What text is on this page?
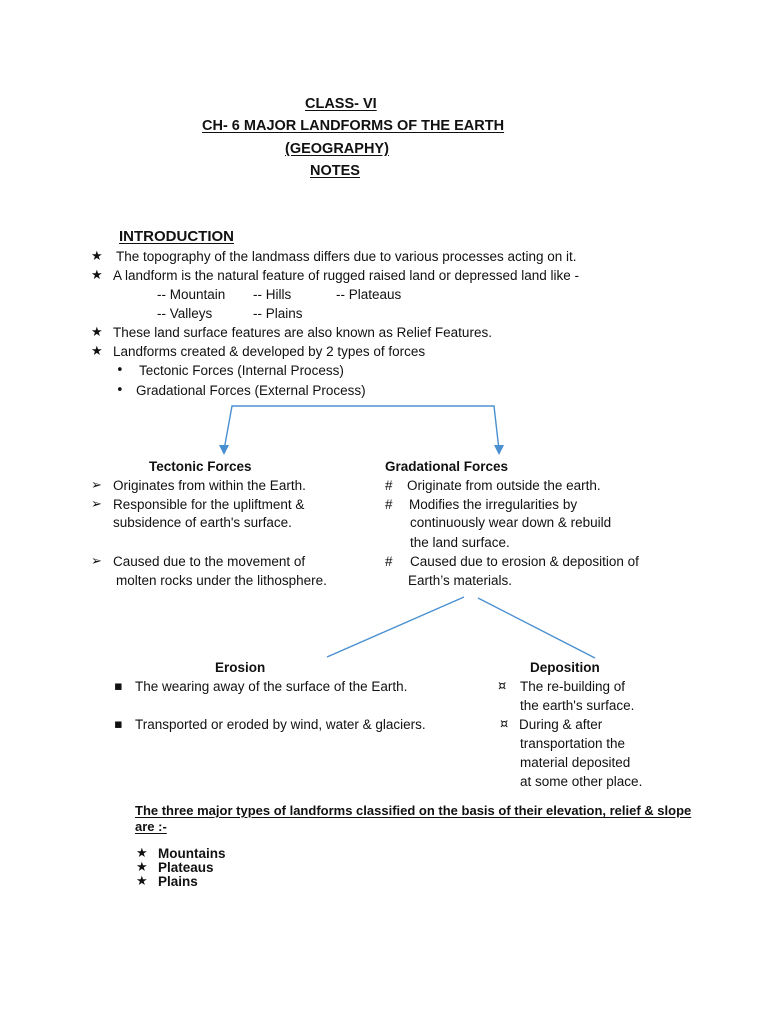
CLASS- VI
CH- 6 MAJOR LANDFORMS OF THE EARTH
(GEOGRAPHY)
NOTES
INTRODUCTION
★ The topography of the landmass differs due to various processes acting on it.
★ A landform is the natural feature of rugged raised land or depressed land like -
-- Mountain -- Hills	-- Plateaus
-- Valleys	-- Plains
★ These land surface features are also known as Relief Features.
★ Landforms created & developed by 2 types of forces
• Tectonic Forces (Internal Process)
• Gradational Forces (External Process)
Tectonic Forces
➢ Originates from within the Earth.
➢ Responsible for the upliftment &
subsidence of earth's surface.
➢ Caused due to the movement of
molten rocks under the lithosphere.
Gradational Forces
# Originate from outside the earth.
# Modifies the irregularities by
continuously wear down & rebuild
the land surface.
# Caused due to erosion & deposition of
Earth’s materials.
Erosion
▪ The wearing away of the surface of the Earth.
▪ Transported or eroded by wind, water & glaciers.
Deposition
¤ The re-building of
the earth's surface.
¤ During & after
transportation the
material deposited
at some other place.
The three major types of landforms classified on the basis of their elevation, relief & slope
are :-
★ Mountains
★ Plateaus
★ Plains
